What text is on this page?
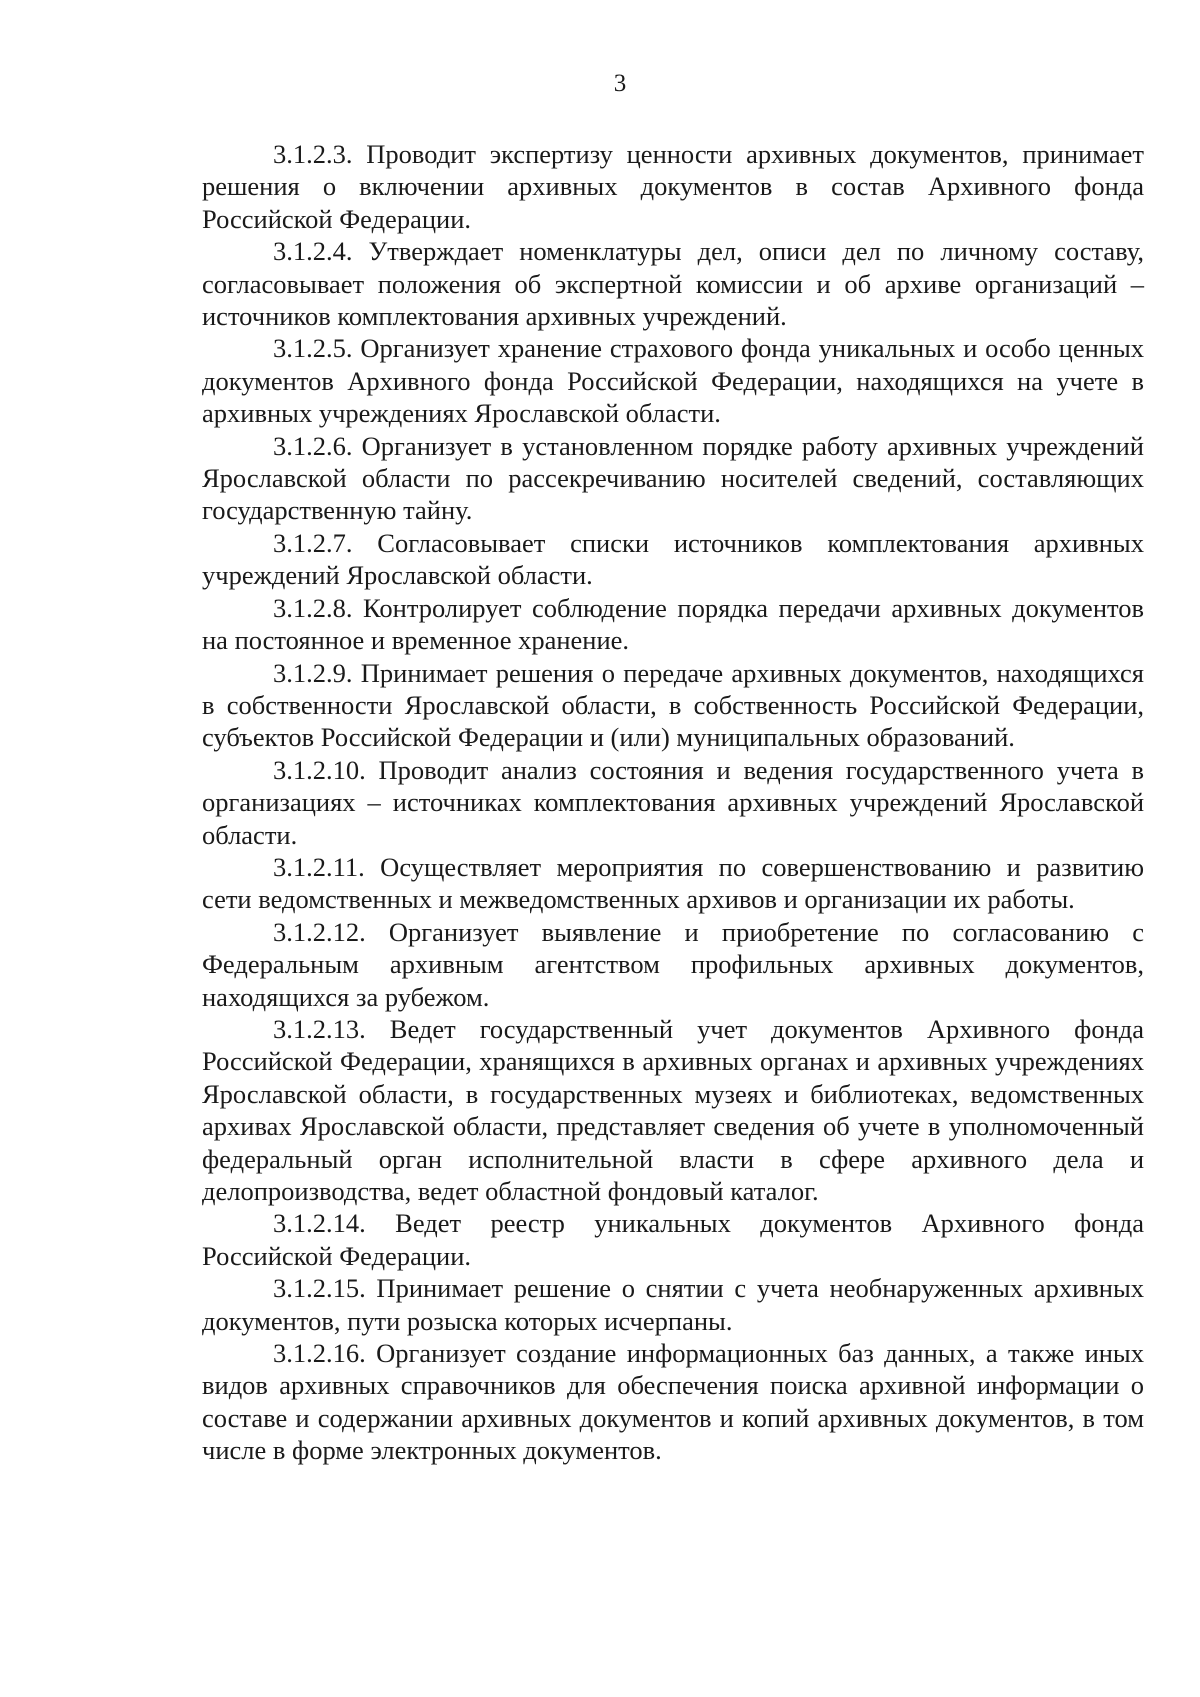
3

3.1.2.3. Проводит экспертизу ценности архивных документов, принимает решения о включении архивных документов в состав Архивного фонда Российской Федерации.

3.1.2.4. Утверждает номенклатуры дел, описи дел по личному составу, согласовывает положения об экспертной комиссии и об архиве организаций – источников комплектования архивных учреждений.

3.1.2.5. Организует хранение страхового фонда уникальных и особо ценных документов Архивного фонда Российской Федерации, находящихся на учете в архивных учреждениях Ярославской области.

3.1.2.6. Организует в установленном порядке работу архивных учреждений Ярославской области по рассекречиванию носителей сведений, составляющих государственную тайну.

3.1.2.7. Согласовывает списки источников комплектования архивных учреждений Ярославской области.

3.1.2.8. Контролирует соблюдение порядка передачи архивных документов на постоянное и временное хранение.

3.1.2.9. Принимает решения о передаче архивных документов, находящихся в собственности Ярославской области, в собственность Российской Федерации, субъектов Российской Федерации и (или) муниципальных образований.

3.1.2.10. Проводит анализ состояния и ведения государственного учета в организациях – источниках комплектования архивных учреждений Ярославской области.

3.1.2.11. Осуществляет мероприятия по совершенствованию и развитию сети ведомственных и межведомственных архивов и организации их работы.

3.1.2.12. Организует выявление и приобретение по согласованию с Федеральным архивным агентством профильных архивных документов, находящихся за рубежом.

3.1.2.13. Ведет государственный учет документов Архивного фонда Российской Федерации, хранящихся в архивных органах и архивных учреждениях Ярославской области, в государственных музеях и библиотеках, ведомственных архивах Ярославской области, представляет сведения об учете в уполномоченный федеральный орган исполнительной власти в сфере архивного дела и делопроизводства, ведет областной фондовый каталог.

3.1.2.14. Ведет реестр уникальных документов Архивного фонда Российской Федерации.

3.1.2.15. Принимает решение о снятии с учета необнаруженных архивных документов, пути розыска которых исчерпаны.

3.1.2.16. Организует создание информационных баз данных, а также иных видов архивных справочников для обеспечения поиска архивной информации о составе и содержании архивных документов и копий архивных документов, в том числе в форме электронных документов.
